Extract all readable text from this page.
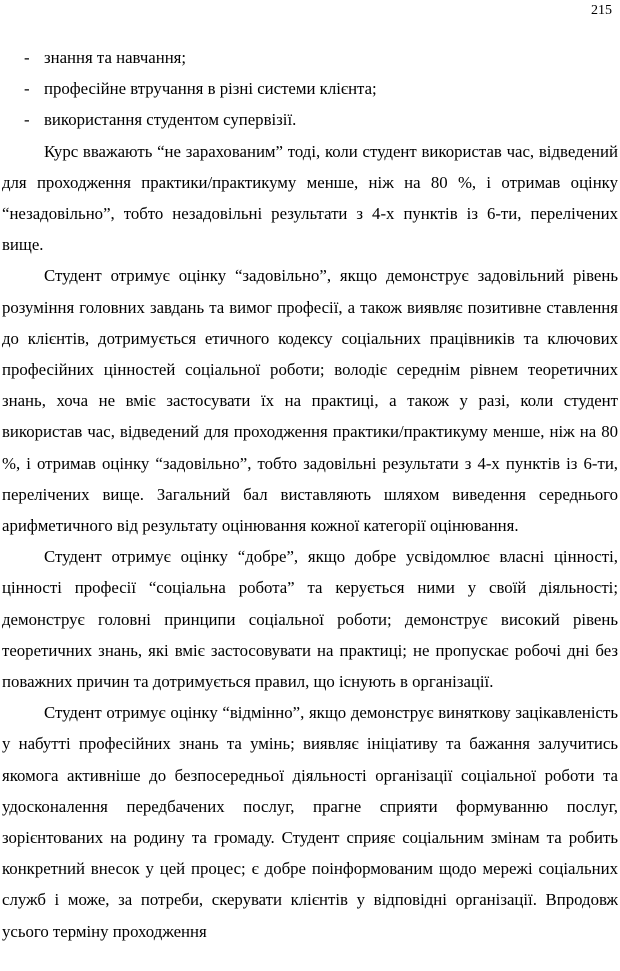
215
- знання та навчання;
- професійне втручання в різні системи клієнта;
- використання студентом супервізії.

Курс вважають “не зарахованим” тоді, коли студент використав час, відведений для проходження практики/практикуму менше, ніж на 80 %, і отримав оцінку “незадовільно”, тобто незадовільні результати з 4-х пунктів із 6-ти, перелічених вище.

Студент отримує оцінку “задовільно”, якщо демонструє задовільний рівень розуміння головних завдань та вимог професії, а також виявляє позитивне ставлення до клієнтів, дотримується етичного кодексу соціальних працівників та ключових професійних цінностей соціальної роботи; володіє середнім рівнем теоретичних знань, хоча не вміє застосувати їх на практиці, а також у разі, коли студент використав час, відведений для проходження практики/практикуму менше, ніж на 80 %, і отримав оцінку “задовільно”, тобто задовільні результати з 4-х пунктів із 6-ти, перелічених вище. Загальний бал виставляють шляхом виведення середнього арифметичного від результату оцінювання кожної категорії оцінювання.

Студент отримує оцінку “добре”, якщо добре усвідомлює власні цінності, цінності професії “соціальна робота” та керується ними у своїй діяльності; демонструє головні принципи соціальної роботи; демонструє високий рівень теоретичних знань, які вміє застосовувати на практиці; не пропускає робочі дні без поважних причин та дотримується правил, що існують в організації.

Студент отримує оцінку “відмінно”, якщо демонструє виняткову зацікавленість у набутті професійних знань та умінь; виявляє ініціативу та бажання залучитись якомога активніше до безпосередньої діяльності організації соціальної роботи та удосконалення передбачених послуг, прагне сприяти формуванню послуг, зорієнтованих на родину та громаду. Студент сприяє соціальним змінам та робить конкретний внесок у цей процес; є добре поінформованим щодо мережі соціальних служб і може, за потреби, скерувати клієнтів у відповідні організації. Впродовж усього терміну проходження
